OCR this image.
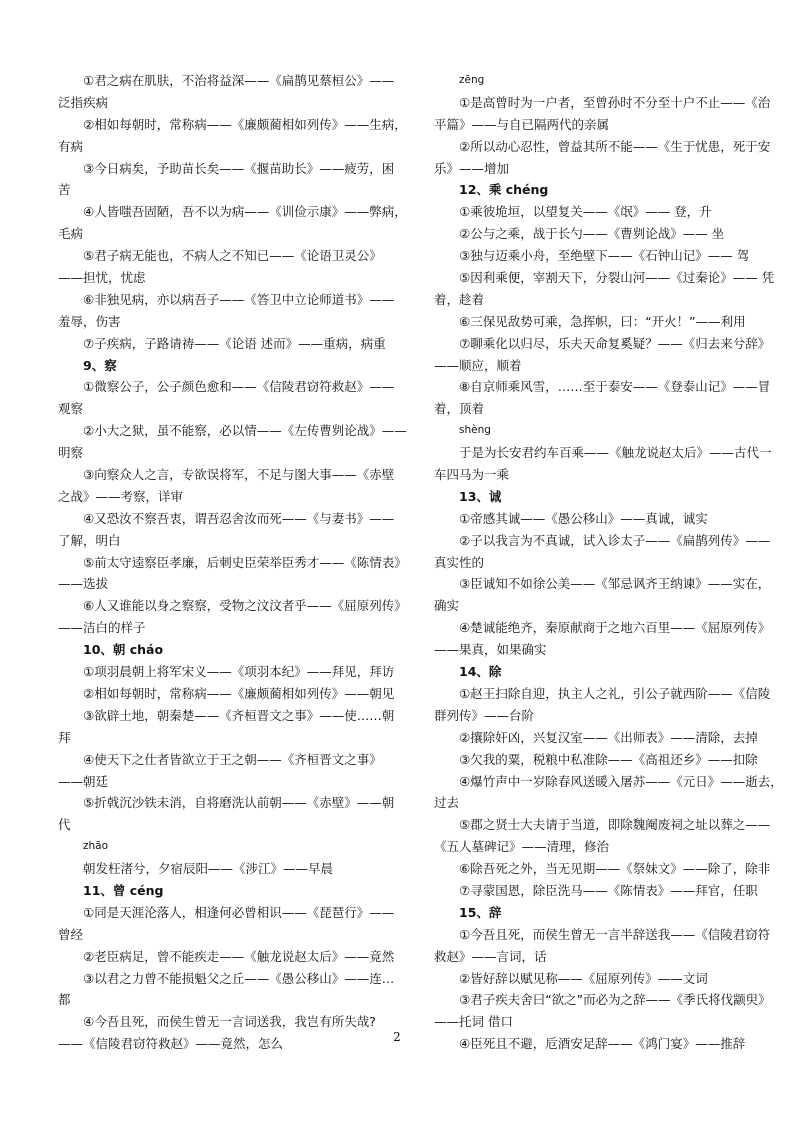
①君之病在肌肤，不治将益深——《扁鹊见蔡桓公》——
泛指疾病
②相如每朝时，常称病——《廉颇蔺相如列传》——生病，
有病
③今日病矣，予助苗长矣——《揠苗助长》——疲劳，困
苦
④人皆嗤吾固陋，吾不以为病——《训俭示康》——弊病，
毛病
⑤君子病无能也，不病人之不知已——《论语卫灵公》
——担忧，忧虑
⑥非独见病，亦以病吾子——《答卫中立论师道书》——
羞辱，伤害
⑦子疾病，子路请祷——《论语 述而》——重病，病重
9、察
①微察公子，公子颜色愈和——《信陵君窃符救赵》——
观察
②小大之狱，虽不能察，必以情——《左传曹刿论战》——
明察
③向察众人之言，专欲误将军，不足与图大事——《赤壁
之战》——考察，详审
④又恐汝不察吾衷，谓吾忍舍汝而死——《与妻书》——
了解，明白
⑤前太守逵察臣孝廉，后刺史臣荣举臣秀才——《陈情表》
——选拔
⑥人又谁能以身之察察，受物之汶汶者乎——《屈原列传》
——洁白的样子
10、朝 cháo
①项羽晨朝上将军宋义——《项羽本纪》——拜见，拜访
②相如每朝时，常称病——《廉颇蔺相如列传》——朝见
③欲辟土地，朝秦楚——《齐桓晋文之事》——使……朝
拜
④使天下之仕者皆欲立于王之朝——《齐桓晋文之事》
——朝廷
⑤折戟沉沙铁未消，自将磨洗认前朝——《赤壁》——朝
代
zhāo
朝发枉渚兮，夕宿辰阳——《涉江》——早晨
11、曾 céng
①同是天涯沦落人，相逢何必曾相识——《琵琶行》——
曾经
②老臣病足，曾不能疾走——《触龙说赵太后》——竟然
③以君之力曾不能损魁父之丘——《愚公移山》——连…
都
④今吾且死，而侯生曾无一言词送我，我岂有所失哉?
——《信陵君窃符救赵》——竟然，怎么
zēng
①是高曾时为一户者，至曾孙时不分至十户不止——《治
平篇》——与自已隔两代的亲属
②所以动心忍性，曾益其所不能——《生于忧患，死于安
乐》——增加
12、乘 chéng
①乘彼垝垣，以望复关——《氓》—— 登，升
②公与之乘，战于长勺——《曹刿论战》—— 坐
③独与迈乘小舟，至绝壁下——《石钟山记》—— 驾
⑤因利乘便，宰割天下，分裂山河——《过秦论》—— 凭
着，趁着
⑥三保见敌势可乘，急挥帜，曰：“开火！”——利用
⑦聊乘化以归尽，乐夫天命复奚疑？——《归去来兮辞》
——顺应，顺着
⑧自京师乘风雪，……至于泰安——《登泰山记》——冒
着，顶着
shèng
于是为长安君约车百乘——《触龙说赵太后》——古代一
车四马为一乘
13、诚
①帝感其诚——《愚公移山》——真诚，诚实
②子以我言为不真诚，试入诊太子——《扁鹊列传》——
真实性的
③臣诚知不如徐公美——《邹忌讽齐王纳谏》——实在，
确实
④楚诚能绝齐，秦原献商于之地六百里——《屈原列传》
——果真，如果确实
14、除
①赵王扫除自迎，执主人之礼，引公子就西阶——《信陵
群列传》——台阶
②攘除奸凶，兴复汉室——《出师表》——清除，去掉
③欠我的粟，税粮中私准除——《高祖还乡》——扣除
④爆竹声中一岁除春风送暖入屠苏——《元日》——逝去，
过去
⑤郡之贤士大夫请于当道，即除魏阉废祠之址以葬之——
《五人墓碑记》——清理，修治
⑥除吾死之外，当无见期——《祭妹文》——除了，除非
⑦寻蒙国恩，除臣洗马——《陈情表》——拜官，任职
15、辞
①今吾且死，而侯生曾无一言半辞送我——《信陵君窃符
救赵》——言词，话
②皆好辞以赋见称——《屈原列传》——文词
③君子疾夫舍曰“欲之”而必为之辞——《季氏将伐颛臾》
——托词 借口
④臣死且不避，卮酒安足辞——《鸿门宴》——推辞
2
